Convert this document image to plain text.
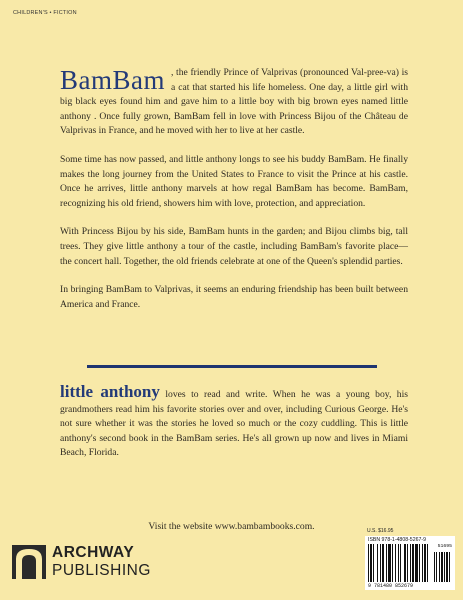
CHILDREN'S • FICTION

BamBam , the friendly Prince of Valprivas (pronounced Val-pree-va) is a cat that started his life homeless. One day, a little girl with big black eyes found him and gave him to a little boy with big brown eyes named little anthony . Once fully grown, BamBam fell in love with Princess Bijou of the Château de Valprivas in France, and he moved with her to live at her castle.

Some time has now passed, and little anthony longs to see his buddy BamBam. He finally makes the long journey from the United States to France to visit the Prince at his castle. Once he arrives, little anthony marvels at how regal BamBam has become. BamBam, recognizing his old friend, showers him with love, protection, and appreciation.

With Princess Bijou by his side, BamBam hunts in the garden; and Bijou climbs big, tall trees. They give little anthony a tour of the castle, including BamBam's favorite place—the concert hall. Together, the old friends celebrate at one of the Queen's splendid parties.

In bringing BamBam to Valprivas, it seems an enduring friendship has been built between America and France.

little anthony loves to read and write. When he was a young boy, his grandmothers read him his favorite stories over and over, including Curious George. He's not sure whether it was the stories he loved so much or the cozy cuddling. This is little anthony's second book in the BamBam series. He's all grown up now and lives in Miami Beach, Florida.
Visit the website www.bambambooks.com.
ARCHWAY
PUBLISHING
U.S. $16.95
ISBN 978-1-4808-5267-9
51695
9 781480 852679
